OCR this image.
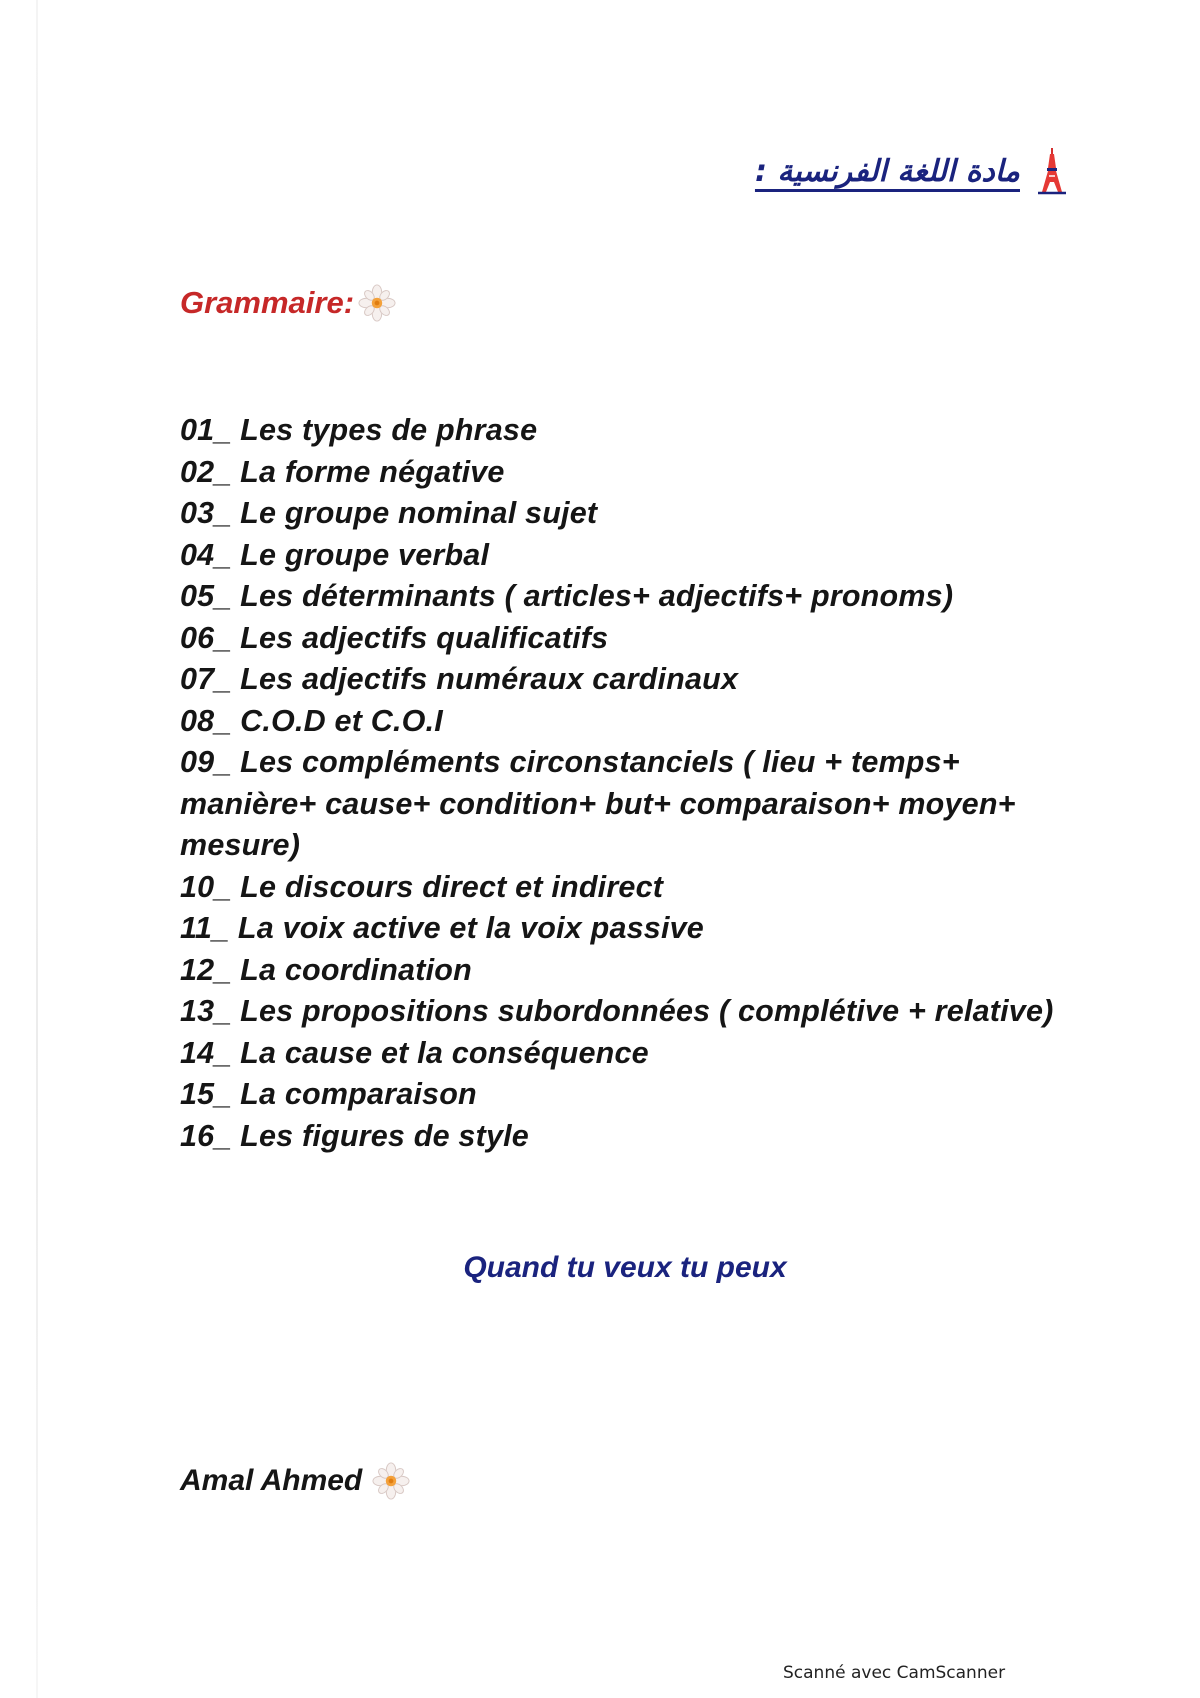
مادة اللغة الفرنسية :
Grammaire:
01_ Les types de phrase
02_ La forme négative
03_ Le groupe nominal sujet
04_ Le groupe verbal
05_ Les déterminants ( articles+ adjectifs+ pronoms)
06_ Les adjectifs qualificatifs
07_ Les adjectifs numéraux cardinaux
08_ C.O.D et C.O.I
09_ Les compléments circonstanciels ( lieu + temps+ manière+ cause+ condition+ but+ comparaison+ moyen+ mesure)
10_ Le discours direct et indirect
11_ La voix active et la voix passive
12_ La coordination
13_ Les propositions subordonnées ( complétive + relative)
14_ La cause et la conséquence
15_ La comparaison
16_ Les figures de style
Quand tu veux tu peux
Amal Ahmed
Scanné avec CamScanner
